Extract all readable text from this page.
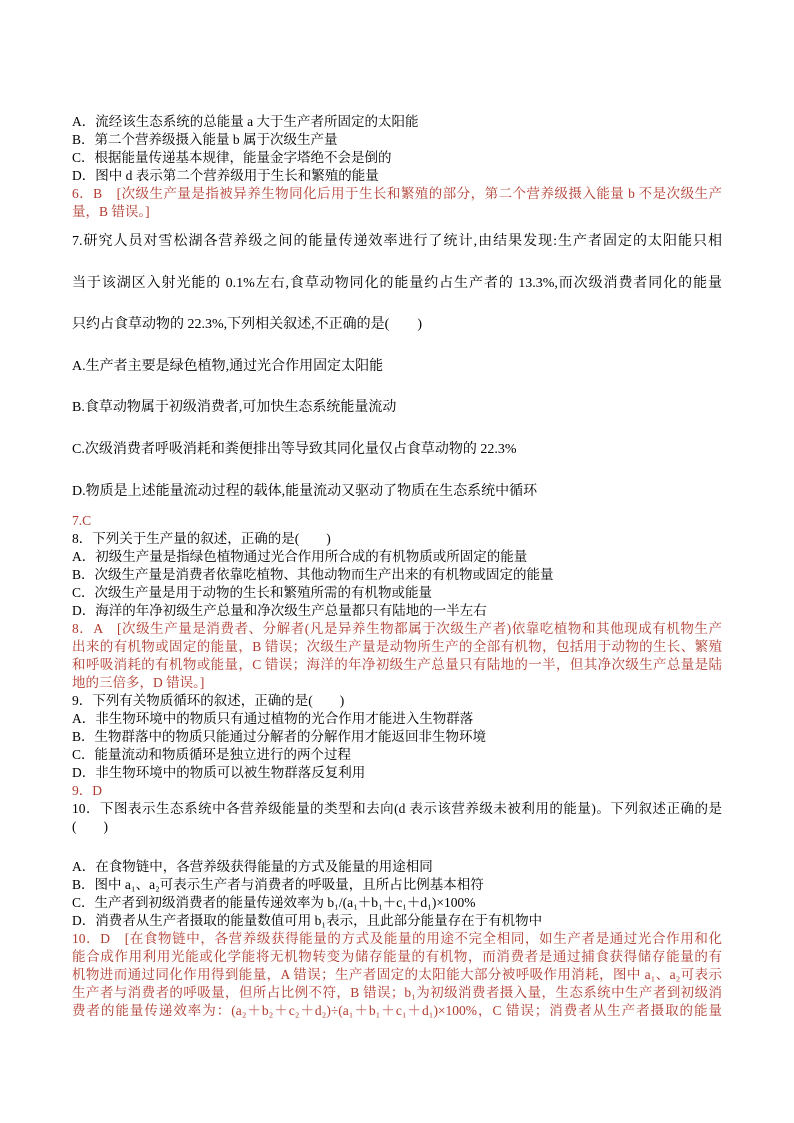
A．流经该生态系统的总能量 a 大于生产者所固定的太阳能
B．第二个营养级摄入能量 b 属于次级生产量
C．根据能量传递基本规律，能量金字塔绝不会是倒的
D．图中 d 表示第二个营养级用于生长和繁殖的能量
6．B　[次级生产量是指被异养生物同化后用于生长和繁殖的部分，第二个营养级摄入能量 b 不是次级生产
量，B 错误。]
7.研究人员对雪松湖各营养级之间的能量传递效率进行了统计,由结果发现:生产者固定的太阳能只相
当于该湖区入射光能的 0.1%左右,食草动物同化的能量约占生产者的 13.3%,而次级消费者同化的能量
只约占食草动物的 22.3%,下列相关叙述,不正确的是(　　)
A.生产者主要是绿色植物,通过光合作用固定太阳能
B.食草动物属于初级消费者,可加快生态系统能量流动
C.次级消费者呼吸消耗和粪便排出等导致其同化量仅占食草动物的 22.3%
D.物质是上述能量流动过程的载体,能量流动又驱动了物质在生态系统中循环
7.C
8．下列关于生产量的叙述，正确的是(　　)
A．初级生产量是指绿色植物通过光合作用所合成的有机物质或所固定的能量
B．次级生产量是消费者依靠吃植物、其他动物而生产出来的有机物或固定的能量
C．次级生产量是用于动物的生长和繁殖所需的有机物或能量
D．海洋的年净初级生产总量和净次级生产总量都只有陆地的一半左右
8．A　[次级生产量是消费者、分解者(凡是异养生物都属于次级生产者)依靠吃植物和其他现成有机物生产
出来的有机物或固定的能量，B 错误；次级生产量是动物所生产的全部有机物，包括用于动物的生长、繁殖
和呼吸消耗的有机物或能量，C 错误；海洋的年净初级生产总量只有陆地的一半，但其净次级生产总量是陆
地的三倍多，D 错误。]
9．下列有关物质循环的叙述，正确的是(　　)
A．非生物环境中的物质只有通过植物的光合作用才能进入生物群落
B．生物群落中的物质只能通过分解者的分解作用才能返回非生物环境
C．能量流动和物质循环是独立进行的两个过程
D．非生物环境中的物质可以被生物群落反复利用
9．D
10．下图表示生态系统中各营养级能量的类型和去向(d 表示该营养级未被利用的能量)。下列叙述正确的是
(　　)
A．在食物链中，各营养级获得能量的方式及能量的用途相同
B．图中 a₁、a₂可表示生产者与消费者的呼吸量，且所占比例基本相符
C．生产者到初级消费者的能量传递效率为 b₁/(a₁＋b₁＋c₁＋d₁)×100%
D．消费者从生产者摄取的能量数值可用 b₁表示，且此部分能量存在于有机物中
10．D　[在食物链中，各营养级获得能量的方式及能量的用途不完全相同，如生产者是通过光合作用和化
能合成作用利用光能或化学能将无机物转变为储存能量的有机物，而消费者是通过捕食获得储存能量的有
机物进而通过同化作用得到能量，A 错误；生产者固定的太阳能大部分被呼吸作用消耗，图中 a₁、a₂可表示
生产者与消费者的呼吸量，但所占比例不符，B 错误；b₁为初级消费者摄入量，生态系统中生产者到初级消
费者的能量传递效率为：(a₂＋b₂＋c₂＋d₂)÷(a₁＋b₁＋c₁＋d₁)×100%，C 错误；消费者从生产者摄取的能量
